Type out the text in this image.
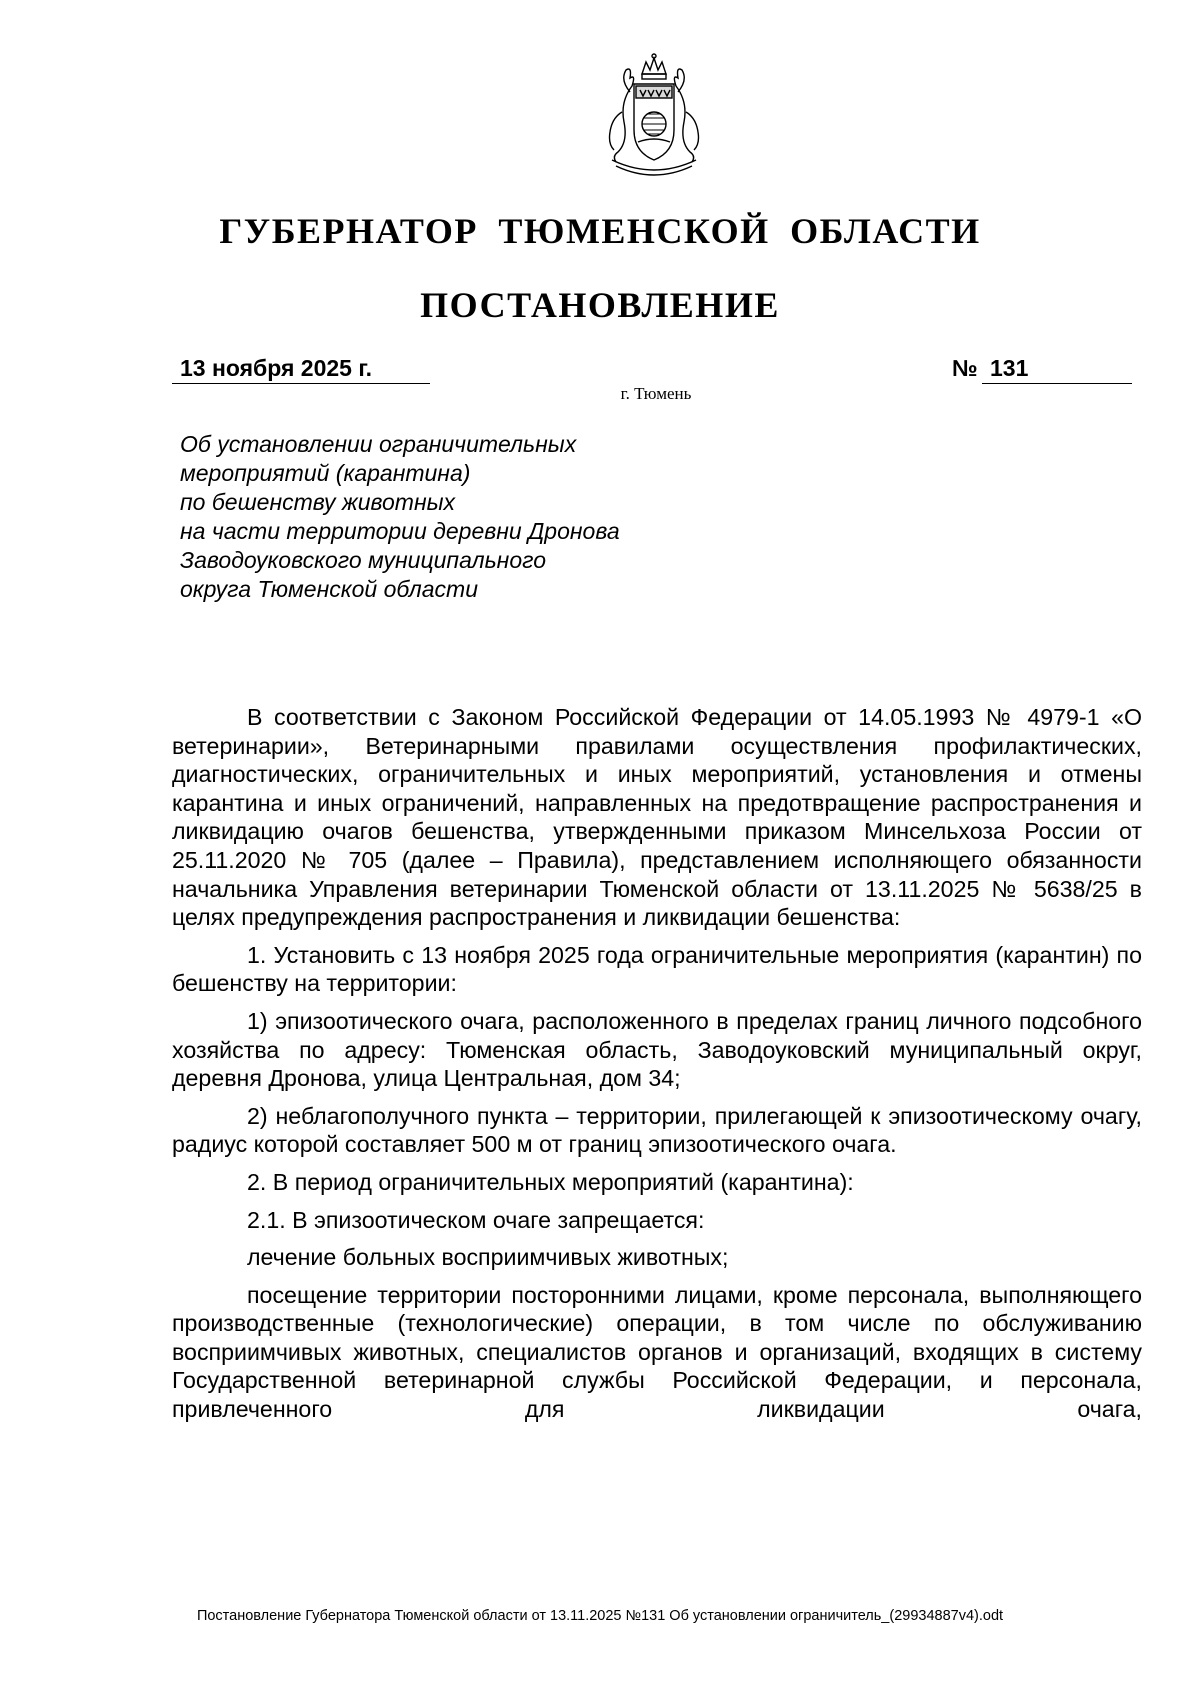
ГУБЕРНАТОР ТЮМЕНСКОЙ ОБЛАСТИ
ПОСТАНОВЛЕНИЕ
13 ноября 2025 г.	№ 131
г. Тюмень
Об установлении ограничительных
мероприятий (карантина)
по бешенству животных
на части территории деревни Дронова
Заводоуковского муниципального
округа Тюменской области

В соответствии с Законом Российской Федерации от 14.05.1993 № 4979-1 «О ветеринарии», Ветеринарными правилами осуществления профилактических, диагностических, ограничительных и иных мероприятий, установления и отмены карантина и иных ограничений, направленных на предотвращение распространения и ликвидацию очагов бешенства, утвержденными приказом Минсельхоза России от 25.11.2020 № 705 (далее – Правила), представлением исполняющего обязанности начальника Управления ветеринарии Тюменской области от 13.11.2025 № 5638/25 в целях предупреждения распространения и ликвидации бешенства:

1. Установить с 13 ноября 2025 года ограничительные мероприятия (карантин) по бешенству на территории:

1) эпизоотического очага, расположенного в пределах границ личного подсобного хозяйства по адресу: Тюменская область, Заводоуковский муниципальный округ, деревня Дронова, улица Центральная, дом 34;

2) неблагополучного пункта – территории, прилегающей к эпизоотическому очагу, радиус которой составляет 500 м от границ эпизоотического очага.

2. В период ограничительных мероприятий (карантина):

2.1. В эпизоотическом очаге запрещается:

лечение больных восприимчивых животных;

посещение территории посторонними лицами, кроме персонала, выполняющего производственные (технологические) операции, в том числе по обслуживанию восприимчивых животных, специалистов органов и организаций, входящих в систему Государственной ветеринарной службы Российской Федерации, и персонала, привлеченного для ликвидации очага,

Постановление Губернатора Тюменской области от 13.11.2025 №131 Об установлении ограничитель_(29934887v4).odt
